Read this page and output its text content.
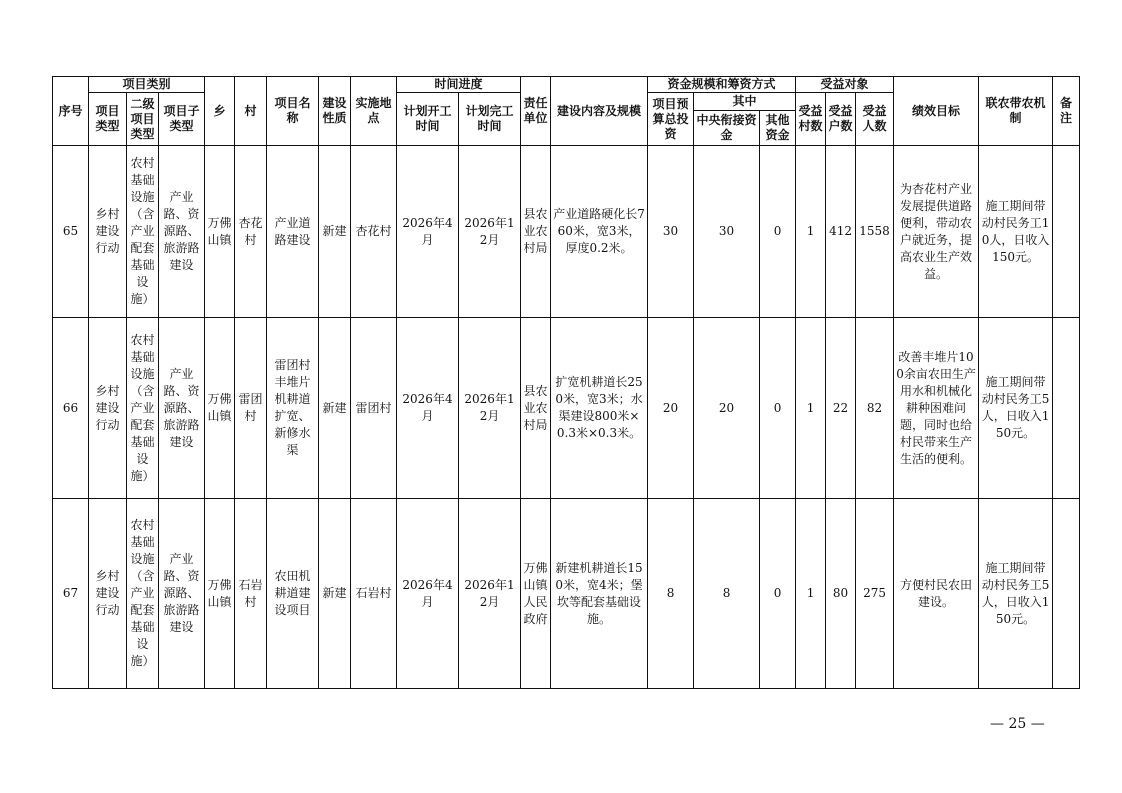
序号	项目类别			乡	村	项目名称	建设性质	实施地点	时间进度		责任单位	建设内容及规模	资金规模和筹资方式			受益对象			绩效目标	联农带农机制	备注
	项目类型	二级项目类型	项目子类型						计划开工时间	计划完工时间			项目预算总投资	其中		受益村数	受益户数	受益人数			
														中央衔接资金	其他资金						
65	乡村建设行动	农村基础设施（含产业配套基础设施）	产业路、资源路、旅游路建设	万佛山镇	杏花村	产业道路建设	新建	杏花村	2026年4月	2026年12月	县农业农村局	产业道路硬化长760米，宽3米，厚度0.2米。	30	30	0	1	412	1558	为杏花村产业发展提供道路便利，带动农户就近务，提高农业生产效益。	施工期间带动村民务工10人，日收入150元。	
66	乡村建设行动	农村基础设施（含产业配套基础设施）	产业路、资源路、旅游路建设	万佛山镇	雷团村	雷团村丰堆片机耕道扩宽、新修水渠	新建	雷团村	2026年4月	2026年12月	县农业农村局	扩宽机耕道长250米，宽3米；水渠建设800米×0.3米×0.3米。	20	20	0	1	22	82	改善丰堆片100余亩农田生产用水和机械化耕种困难问题，同时也给村民带来生产生活的便利。	施工期间带动村民务工5人，日收入150元。	
67	乡村建设行动	农村基础设施（含产业配套基础设施）	产业路、资源路、旅游路建设	万佛山镇	石岩村	农田机耕道建设项目	新建	石岩村	2026年4月	2026年12月	万佛山镇人民政府	新建机耕道长150米，宽4米；堡坎等配套基础设施。	8	8	0	1	80	275	方便村民农田建设。	施工期间带动村民务工5人，日收入150元。	
— 25 —
